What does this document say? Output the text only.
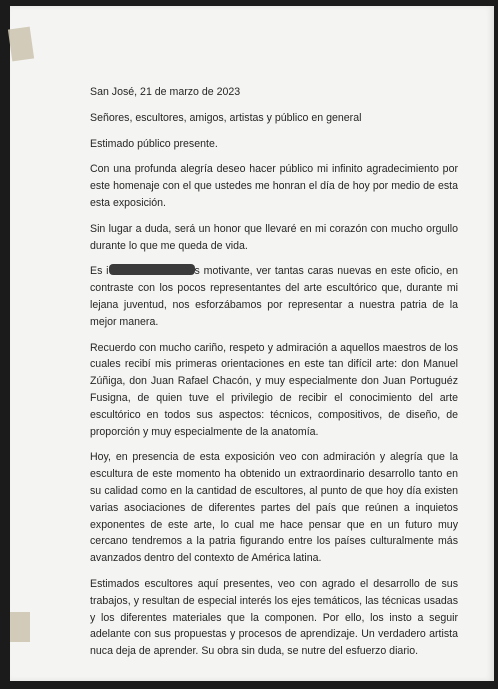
San José, 21 de marzo de 2023

Señores, escultores, amigos, artistas y público en general

Estimado público presente.

Con una profunda alegría deseo hacer público mi infinito agradecimiento por este homenaje con el que ustedes me honran el día de hoy por medio de esta esta exposición.

Sin lugar a duda, será un honor que llevaré en mi corazón con mucho orgullo durante lo que me queda de vida.

Es i	s motivante, ver tantas caras nuevas en este oficio, en contraste con los pocos representantes del arte escultórico que, durante mi lejana juventud, nos esforzábamos por representar a nuestra patria de la mejor manera.

Recuerdo con mucho cariño, respeto y admiración a aquellos maestros de los cuales recibí mis primeras orientaciones en este tan difícil arte: don Manuel Zúñiga, don Juan Rafael Chacón, y muy especialmente don Juan Portuguéz Fusigna, de quien tuve el privilegio de recibir el conocimiento del arte escultórico en todos sus aspectos: técnicos, compositivos, de diseño, de proporción y muy especialmente de la anatomía.

Hoy, en presencia de esta exposición veo con admiración y alegría que la escultura de este momento ha obtenido un extraordinario desarrollo tanto en su calidad como en la cantidad de escultores, al punto de que hoy día existen varias asociaciones de diferentes partes del país que reúnen a inquietos exponentes de este arte, lo cual me hace pensar que en un futuro muy cercano tendremos a la patria figurando entre los países culturalmente más avanzados dentro del contexto de América latina.

Estimados escultores aquí presentes, veo con agrado el desarrollo de sus trabajos, y resultan de especial interés los ejes temáticos, las técnicas usadas y los diferentes materiales que la componen. Por ello, los insto a seguir adelante con sus propuestas y procesos de aprendizaje. Un verdadero artista nuca deja de aprender. Su obra sin duda, se nutre del esfuerzo diario.
